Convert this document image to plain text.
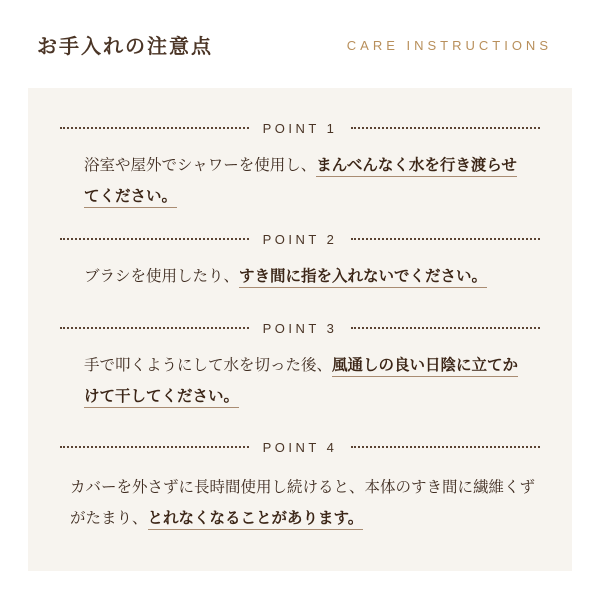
お手入れの注意点	CARE INSTRUCTIONS
POINT 1
浴室や屋外でシャワーを使用し、まんべんなく水を行き渡らせてください。
POINT 2
ブラシを使用したり、すき間に指を入れないでください。
POINT 3
手で叩くようにして水を切った後、風通しの良い日陰に立てかけて干してください。
POINT 4
カバーを外さずに長時間使用し続けると、本体のすき間に繊維くずがたまり、とれなくなることがあります。
